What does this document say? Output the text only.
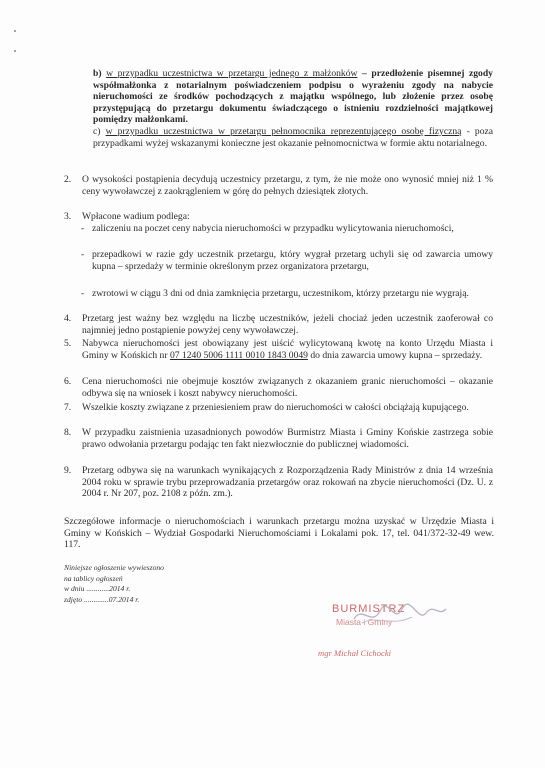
b) w przypadku uczestnictwa w przetargu jednego z małżonków – przedłożenie pisemnej zgody współmałżonka z notarialnym poświadczeniem podpisu o wyrażeniu zgody na nabycie nieruchomości ze środków pochodzących z majątku wspólnego, lub złożenie przez osobę przystępującą do przetargu dokumentu świadczącego o istnieniu rozdzielności majątkowej pomiędzy małżonkami.

c) w przypadku uczestnictwa w przetargu pełnomocnika reprezentującego osobę fizyczną - poza przypadkami wyżej wskazanymi konieczne jest okazanie pełnomocnictwa w formie aktu notarialnego.

2. O wysokości postąpienia decydują uczestnicy przetargu, z tym, że nie może ono wynosić mniej niż 1 % ceny wywoławczej z zaokrągleniem w górę do pełnych dziesiątek złotych.
3. Wpłacone wadium podlega:
- zaliczeniu na poczet ceny nabycia nieruchomości w przypadku wylicytowania nieruchomości,
- przepadkowi w razie gdy uczestnik przetargu, który wygrał przetarg uchyli się od zawarcia umowy kupna – sprzedaży w terminie określonym przez organizatora przetargu,
- zwrotowi w ciągu 3 dni od dnia zamknięcia przetargu, uczestnikom, którzy przetargu nie wygrają.
4. Przetarg jest ważny bez względu na liczbę uczestników, jeżeli chociaż jeden uczestnik zaoferował co najmniej jedno postąpienie powyżej ceny wywoławczej.
5. Nabywca nieruchomości jest obowiązany jest uiścić wylicytowaną kwotę na konto Urzędu Miasta i Gminy w Końskich nr 07 1240 5006 1111 0010 1843 0049 do dnia zawarcia umowy kupna – sprzedaży.
6. Cena nieruchomości nie obejmuje kosztów związanych z okazaniem granic nieruchomości – okazanie odbywa się na wniosek i koszt nabywcy nieruchomości.
7. Wszelkie koszty związane z przeniesieniem praw do nieruchomości w całości obciążają kupującego.
8. W przypadku zaistnienia uzasadnionych powodów Burmistrz Miasta i Gminy Końskie zastrzega sobie prawo odwołania przetargu podając ten fakt niezwłocznie do publicznej wiadomości.
9. Przetarg odbywa się na warunkach wynikających z Rozporządzenia Rady Ministrów z dnia 14 września 2004 roku w sprawie trybu przeprowadzania przetargów oraz rokowań na zbycie nieruchomości (Dz. U. z 2004 r. Nr 207, poz. 2108 z późn. zm.).
Szczegółowe informacje o nieruchomościach i warunkach przetargu można uzyskać w Urzędzie Miasta i Gminy w Końskich – Wydział Gospodarki Nieruchomościami i Lokalami pok. 17, tel. 041/372-32-49 wew. 117.
Niniejsze ogłoszenie wywieszono
na tablicy ogłoszeń
w dniu ............2014 r.
zdjęto .............07.2014 r.
BURMISTRZ
Miasta i Gminy
mgr Michał Cichocki
